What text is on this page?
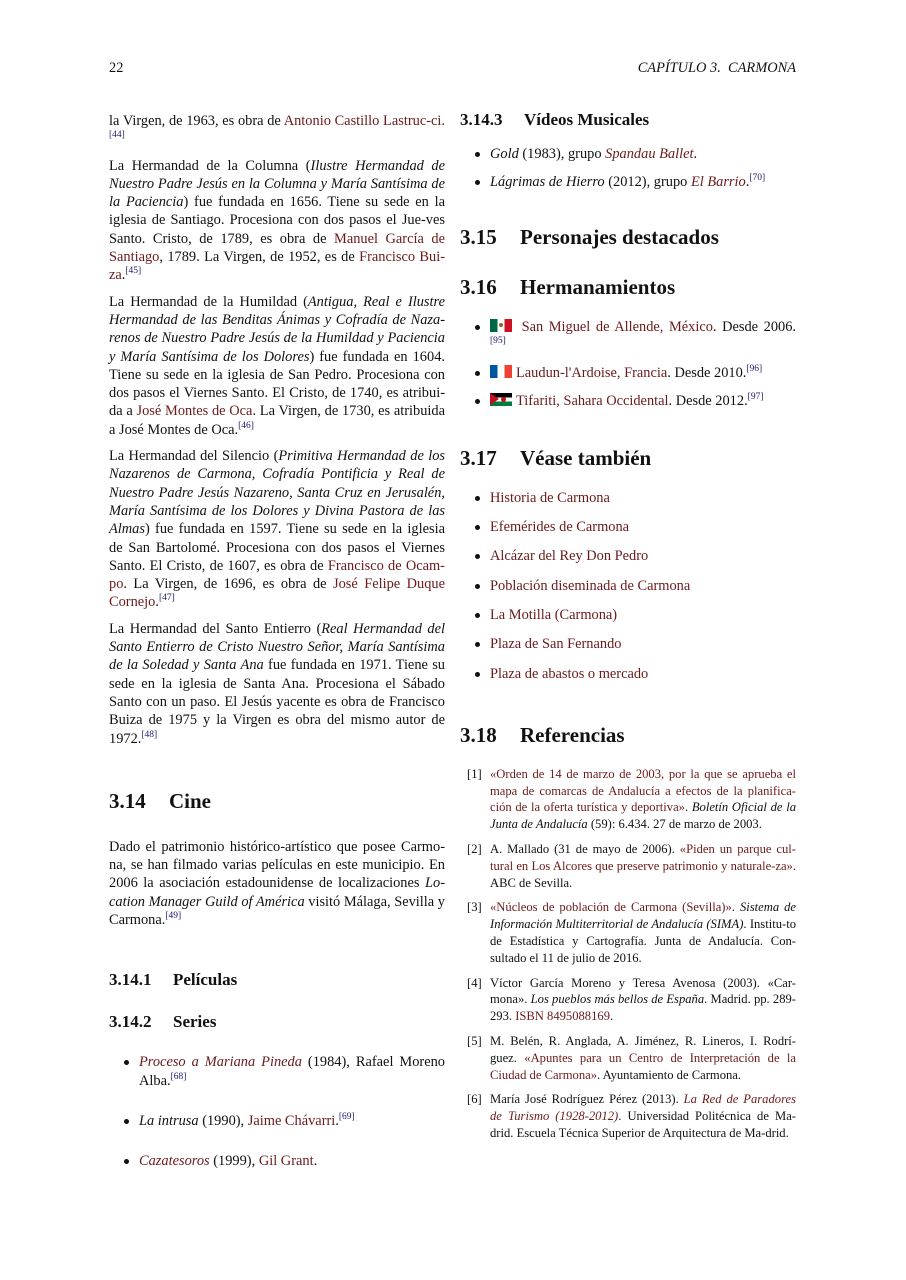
22	CAPÍTULO 3.  CARMONA

la Virgen, de 1963, es obra de Antonio Castillo Lastruc-ci.[44]

La Hermandad de la Columna (Ilustre Hermandad de Nuestro Padre Jesús en la Columna y María Santísima de la Paciencia) fue fundada en 1656. Tiene su sede en la iglesia de Santiago. Procesiona con dos pasos el Jue-ves Santo. Cristo, de 1789, es obra de Manuel García de Santiago, 1789. La Virgen, de 1952, es de Francisco Bui-za.[45]

La Hermandad de la Humildad (Antigua, Real e Ilustre Hermandad de las Benditas Ánimas y Cofradía de Naza-renos de Nuestro Padre Jesús de la Humildad y Paciencia y María Santísima de los Dolores) fue fundada en 1604. Tiene su sede en la iglesia de San Pedro. Procesiona con dos pasos el Viernes Santo. El Cristo, de 1740, es atribui-da a José Montes de Oca. La Virgen, de 1730, es atribuida a José Montes de Oca.[46]

La Hermandad del Silencio (Primitiva Hermandad de los Nazarenos de Carmona, Cofradía Pontificia y Real de Nuestro Padre Jesús Nazareno, Santa Cruz en Jerusalén, María Santísima de los Dolores y Divina Pastora de las Almas) fue fundada en 1597. Tiene su sede en la iglesia de San Bartolomé. Procesiona con dos pasos el Viernes Santo. El Cristo, de 1607, es obra de Francisco de Ocam-po. La Virgen, de 1696, es obra de José Felipe Duque Cornejo.[47]

La Hermandad del Santo Entierro (Real Hermandad del Santo Entierro de Cristo Nuestro Señor, María Santísima de la Soledad y Santa Ana fue fundada en 1971. Tiene su sede en la iglesia de Santa Ana. Procesiona el Sábado Santo con un paso. El Jesús yacente es obra de Francisco Buiza de 1975 y la Virgen es obra del mismo autor de 1972.[48]

3.14 Cine

Dado el patrimonio histórico-artístico que posee Carmo-na, se han filmado varias películas en este municipio. En 2006 la asociación estadounidense de localizaciones Lo-cation Manager Guild of América visitó Málaga, Sevilla y Carmona.[49]

3.14.1 Películas
3.14.2 Series

Proceso a Mariana Pineda (1984), Rafael Moreno Alba.[68]

La intrusa (1990), Jaime Chávarri.[69]

Cazatesoros (1999), Gil Grant.

3.14.3 Vídeos Musicales

Gold (1983), grupo Spandau Ballet.

Lágrimas de Hierro (2012), grupo El Barrio.[70]

3.15 Personajes destacados
3.16 Hermanamientos

San Miguel de Allende, México. Desde 2006.[95]

Laudun-l'Ardoise, Francia. Desde 2010.[96]

Tifariti, Sahara Occidental. Desde 2012.[97]

3.17 Véase también
Historia de Carmona
Efemérides de Carmona
Alcázar del Rey Don Pedro
Población diseminada de Carmona
La Motilla (Carmona)
Plaza de San Fernando
Plaza de abastos o mercado
3.18 Referencias

[1] «Orden de 14 de marzo de 2003, por la que se aprueba el mapa de comarcas de Andalucía a efectos de la planifica-ción de la oferta turística y deportiva». Boletín Oficial de la Junta de Andalucía (59): 6.434. 27 de marzo de 2003.

[2] A. Mallado (31 de mayo de 2006). «Piden un parque cul-tural en Los Alcores que preserve patrimonio y naturale-za». ABC de Sevilla.

[3] «Núcleos de población de Carmona (Sevilla)». Sistema de Información Multiterritorial de Andalucía (SIMA). Institu-to de Estadística y Cartografía. Junta de Andalucía. Con-sultado el 11 de julio de 2016.

[4] Víctor García Moreno y Teresa Avenosa (2003). «Car-mona». Los pueblos más bellos de España. Madrid. pp. 289-293. ISBN 8495088169.

[5] M. Belén, R. Anglada, A. Jiménez, R. Lineros, I. Rodrí-guez. «Apuntes para un Centro de Interpretación de la Ciudad de Carmona». Ayuntamiento de Carmona.

[6] María José Rodríguez Pérez (2013). La Red de Paradores de Turismo (1928-2012). Universidad Politécnica de Ma-drid. Escuela Técnica Superior de Arquitectura de Ma-drid.
